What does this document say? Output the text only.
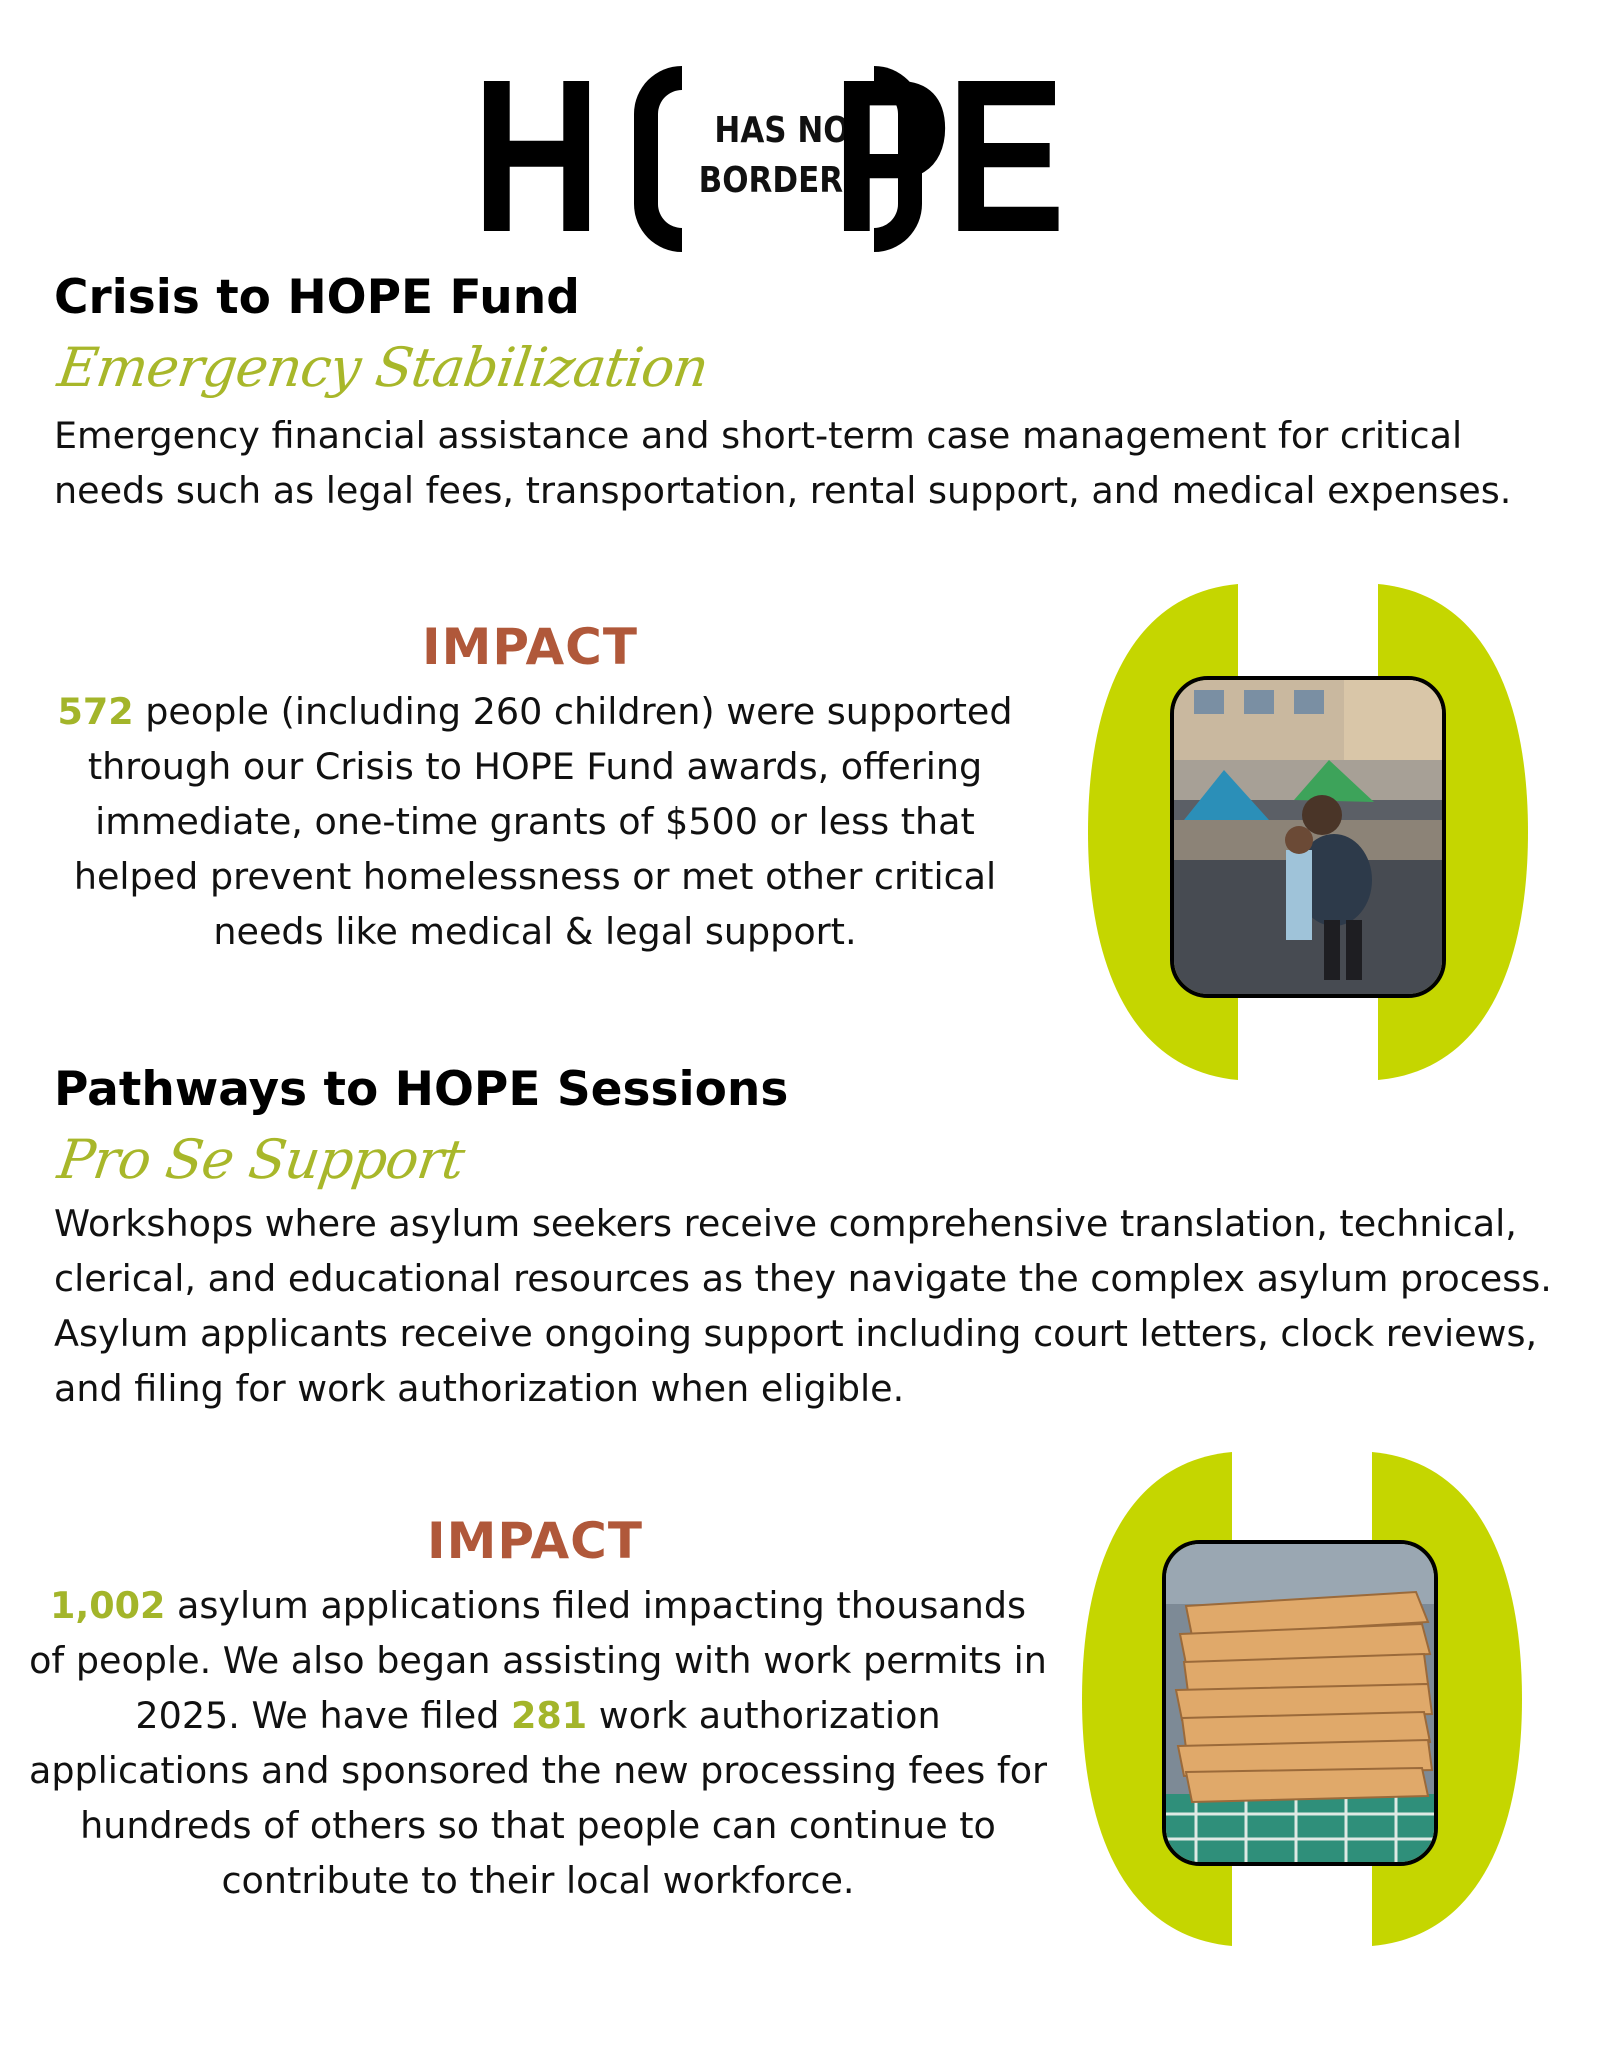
H	HAS NO
BORDERS
PE
Crisis to HOPE Fund
Emergency Stabilization
Emergency financial assistance and short-term case management for critical needs such as legal fees, transportation, rental support, and medical expenses.
IMPACT
572 people (including 260 children) were supported through our Crisis to HOPE Fund awards, offering immediate, one-time grants of $500 or less that helped prevent homelessness or met other critical needs like medical & legal support.
Pathways to HOPE Sessions
Pro Se Support
Workshops where asylum seekers receive comprehensive translation, technical, clerical, and educational resources as they navigate the complex asylum process. Asylum applicants receive ongoing support including court letters, clock reviews, and filing for work authorization when eligible.
IMPACT
1,002 asylum applications filed impacting thousands of people. We also began assisting with work permits in 2025. We have filed 281 work authorization applications and sponsored the new processing fees for hundreds of others so that people can continue to contribute to their local workforce.
